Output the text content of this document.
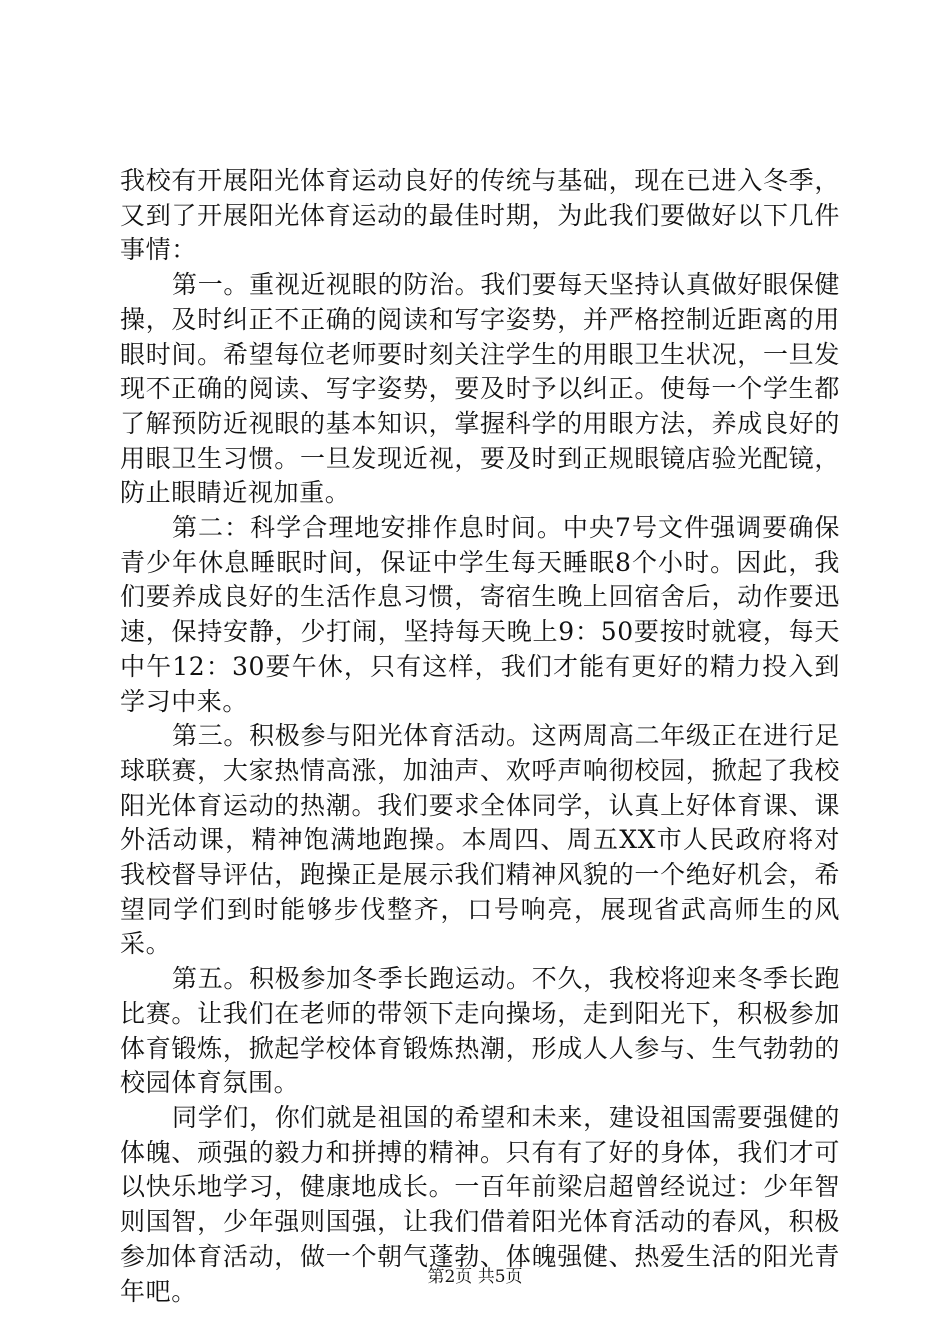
我校有开展阳光体育运动良好的传统与基础，现在已进入冬季，又到了开展阳光体育运动的最佳时期，为此我们要做好以下几件事情：

第一。重视近视眼的防治。我们要每天坚持认真做好眼保健操，及时纠正不正确的阅读和写字姿势，并严格控制近距离的用眼时间。希望每位老师要时刻关注学生的用眼卫生状况，一旦发现不正确的阅读、写字姿势，要及时予以纠正。使每一个学生都了解预防近视眼的基本知识，掌握科学的用眼方法，养成良好的用眼卫生习惯。一旦发现近视，要及时到正规眼镜店验光配镜，防止眼睛近视加重。

第二：科学合理地安排作息时间。中央7号文件强调要确保青少年休息睡眠时间，保证中学生每天睡眠8个小时。因此，我们要养成良好的生活作息习惯，寄宿生晚上回宿舍后，动作要迅速，保持安静，少打闹，坚持每天晚上9：50要按时就寝，每天中午12：30要午休，只有这样，我们才能有更好的精力投入到学习中来。

第三。积极参与阳光体育活动。这两周高二年级正在进行足球联赛，大家热情高涨，加油声、欢呼声响彻校园，掀起了我校阳光体育运动的热潮。我们要求全体同学，认真上好体育课、课外活动课，精神饱满地跑操。本周四、周五XX市人民政府将对我校督导评估，跑操正是展示我们精神风貌的一个绝好机会，希望同学们到时能够步伐整齐，口号响亮，展现省武高师生的风采。

第五。积极参加冬季长跑运动。不久，我校将迎来冬季长跑比赛。让我们在老师的带领下走向操场，走到阳光下，积极参加体育锻炼，掀起学校体育锻炼热潮，形成人人参与、生气勃勃的校园体育氛围。

同学们，你们就是祖国的希望和未来，建设祖国需要强健的体魄、顽强的毅力和拼搏的精神。只有有了好的身体，我们才可以快乐地学习，健康地成长。一百年前梁启超曾经说过：少年智则国智，少年强则国强，让我们借着阳光体育活动的春风，积极参加体育活动，做一个朝气蓬勃、体魄强健、热爱生活的阳光青年吧。	第2页 共5页
